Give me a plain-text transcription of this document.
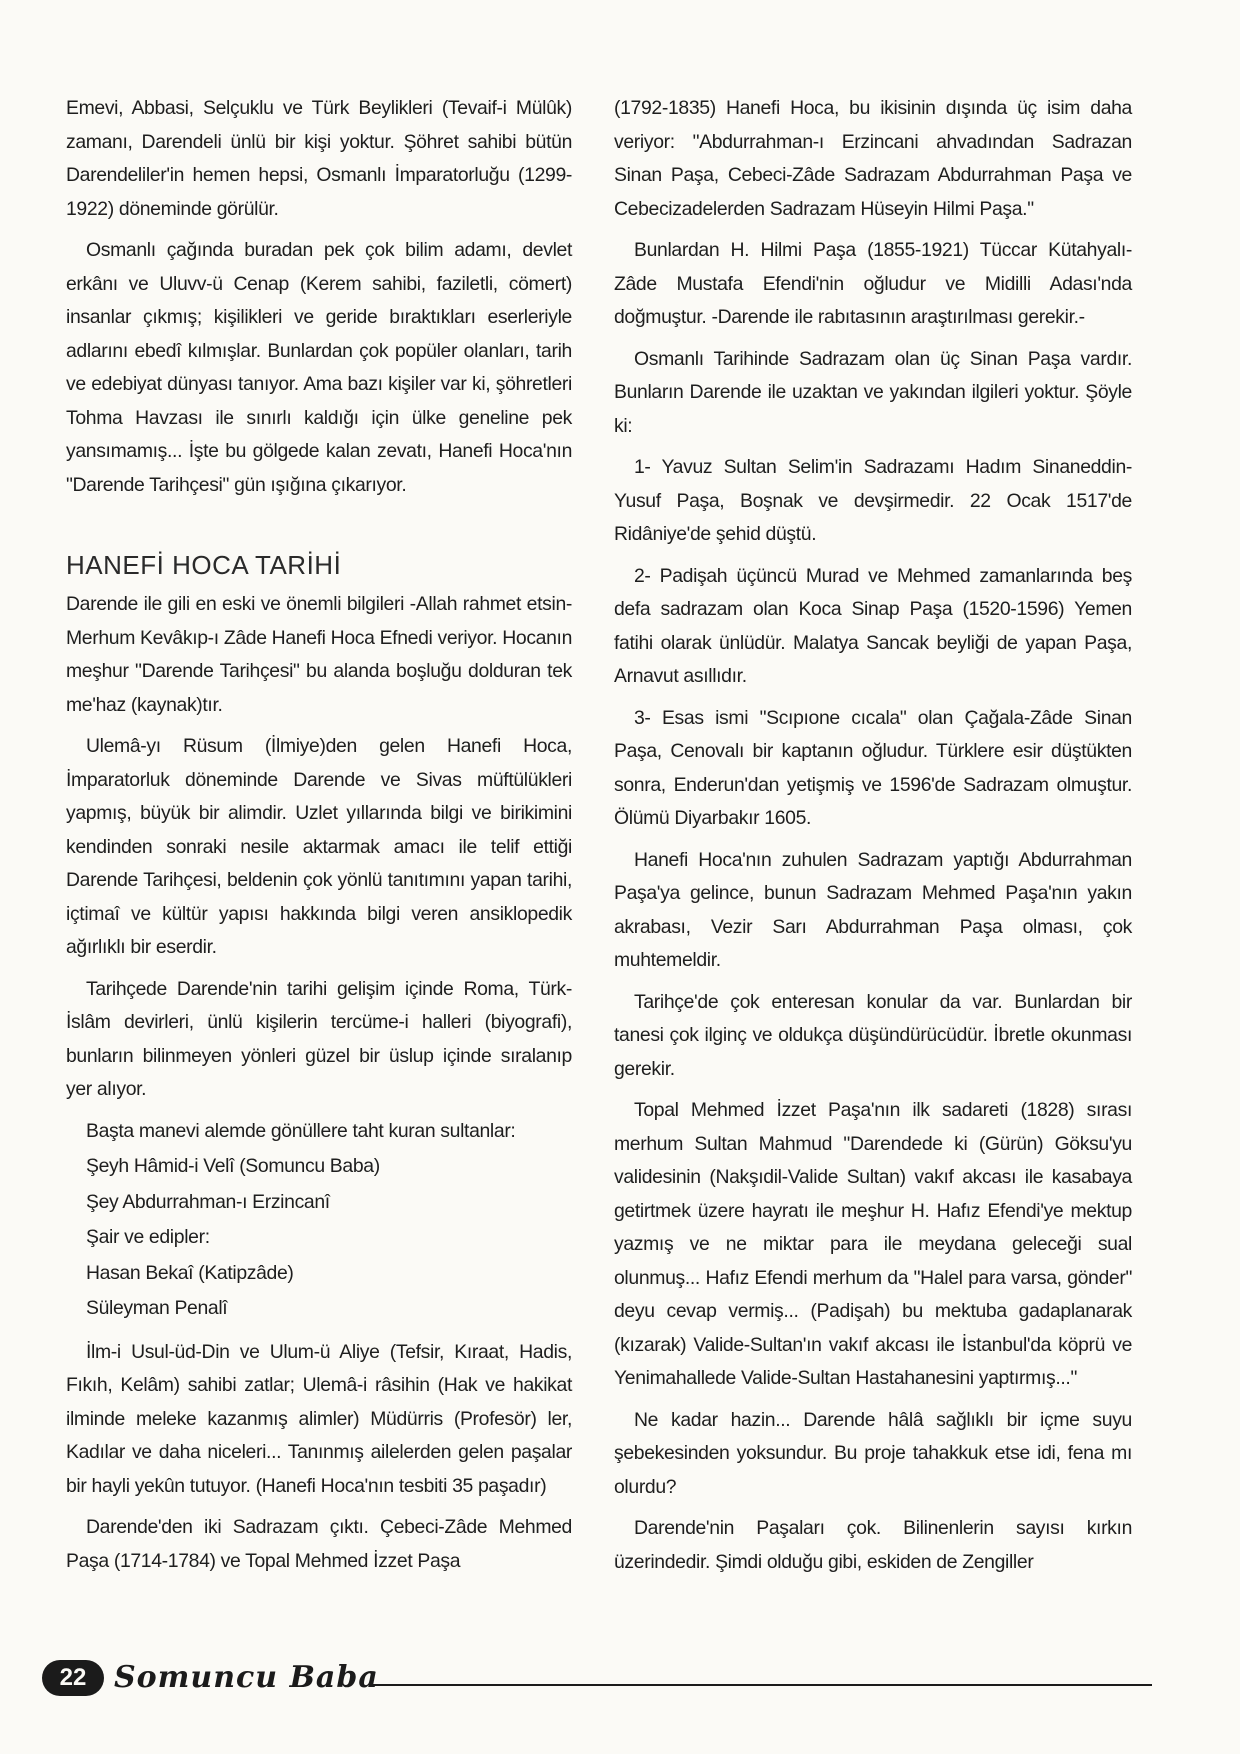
Emevi, Abbasi, Selçuklu ve Türk Beylikleri (Tevaif-i Mülûk) zamanı, Darendeli ünlü bir kişi yoktur. Şöhret sahibi bütün Darendeliler'in hemen hepsi, Osmanlı İmparatorluğu (1299-1922) döneminde görülür.

Osmanlı çağında buradan pek çok bilim adamı, devlet erkânı ve Uluvv-ü Cenap (Kerem sahibi, faziletli, cömert) insanlar çıkmış; kişilikleri ve geride bıraktıkları eserleriyle adlarını ebedî kılmışlar. Bunlardan çok popüler olanları, tarih ve edebiyat dünyası tanıyor. Ama bazı kişiler var ki, şöhretleri Tohma Havzası ile sınırlı kaldığı için ülke geneline pek yansımamış... İşte bu gölgede kalan zevatı, Hanefi Hoca'nın "Darende Tarihçesi" gün ışığına çıkarıyor.

HANEFİ HOCA TARİHİ

Darende ile gili en eski ve önemli bilgileri -Allah rahmet etsin- Merhum Kevâkıp-ı Zâde Hanefi Hoca Efnedi veriyor. Hocanın meşhur "Darende Tarihçesi" bu alanda boşluğu dolduran tek me'haz (kaynak)tır.

Ulemâ-yı Rüsum (İlmiye)den gelen Hanefi Hoca, İmparatorluk döneminde Darende ve Sivas müftülükleri yapmış, büyük bir alimdir. Uzlet yıllarında bilgi ve birikimini kendinden sonraki nesile aktarmak amacı ile telif ettiği Darende Tarihçesi, beldenin çok yönlü tanıtımını yapan tarihi, içtimaî ve kültür yapısı hakkında bilgi veren ansiklopedik ağırlıklı bir eserdir.

Tarihçede Darende'nin tarihi gelişim içinde Roma, Türk-İslâm devirleri, ünlü kişilerin tercüme-i halleri (biyografi), bunların bilinmeyen yönleri güzel bir üslup içinde sıralanıp yer alıyor.

Başta manevi alemde gönüllere taht kuran sultanlar:

Şeyh Hâmid-i Velî (Somuncu Baba)

Şey Abdurrahman-ı Erzincanî

Şair ve edipler:

Hasan Bekaî (Katipzâde)

Süleyman Penalî

İlm-i Usul-üd-Din ve Ulum-ü Aliye (Tefsir, Kıraat, Hadis, Fıkıh, Kelâm) sahibi zatlar; Ulemâ-i râsihin (Hak ve hakikat ilminde meleke kazanmış alimler) Müdürris (Profesör) ler, Kadılar ve daha niceleri... Tanınmış ailelerden gelen paşalar bir hayli yekûn tutuyor. (Hanefi Hoca'nın tesbiti 35 paşadır)

Darende'den iki Sadrazam çıktı. Çebeci-Zâde Mehmed Paşa (1714-1784) ve Topal Mehmed İzzet Paşa

(1792-1835) Hanefi Hoca, bu ikisinin dışında üç isim daha veriyor: "Abdurrahman-ı Erzincani ahvadından Sadrazan Sinan Paşa, Cebeci-Zâde Sadrazam Abdurrahman Paşa ve Cebecizadelerden Sadrazam Hüseyin Hilmi Paşa."

Bunlardan H. Hilmi Paşa (1855-1921) Tüccar Kütahyalı-Zâde Mustafa Efendi'nin oğludur ve Midilli Adası'nda doğmuştur. -Darende ile rabıtasının araştırılması gerekir.-

Osmanlı Tarihinde Sadrazam olan üç Sinan Paşa vardır. Bunların Darende ile uzaktan ve yakından ilgileri yoktur. Şöyle ki:

1- Yavuz Sultan Selim'in Sadrazamı Hadım Sinaneddin-Yusuf Paşa, Boşnak ve devşirmedir. 22 Ocak 1517'de Ridâniye'de şehid düştü.

2- Padişah üçüncü Murad ve Mehmed zamanlarında beş defa sadrazam olan Koca Sinap Paşa (1520-1596) Yemen fatihi olarak ünlüdür. Malatya Sancak beyliği de yapan Paşa, Arnavut asıllıdır.

3- Esas ismi "Scıpıone cıcala" olan Çağala-Zâde Sinan Paşa, Cenovalı bir kaptanın oğludur. Türklere esir düştükten sonra, Enderun'dan yetişmiş ve 1596'de Sadrazam olmuştur. Ölümü Diyarbakır 1605.

Hanefi Hoca'nın zuhulen Sadrazam yaptığı Abdurrahman Paşa'ya gelince, bunun Sadrazam Mehmed Paşa'nın yakın akrabası, Vezir Sarı Abdurrahman Paşa olması, çok muhtemeldir.

Tarihçe'de çok enteresan konular da var. Bunlardan bir tanesi çok ilginç ve oldukça düşündürücüdür. İbretle okunması gerekir.

Topal Mehmed İzzet Paşa'nın ilk sadareti (1828) sırası merhum Sultan Mahmud "Darendede ki (Gürün) Göksu'yu validesinin (Nakşıdil-Valide Sultan) vakıf akcası ile kasabaya getirtmek üzere hayratı ile meşhur H. Hafız Efendi'ye mektup yazmış ve ne miktar para ile meydana geleceği sual olunmuş... Hafız Efendi merhum da "Halel para varsa, gönder" deyu cevap vermiş... (Padişah) bu mektuba gadaplanarak (kızarak) Valide-Sultan'ın vakıf akcası ile İstanbul'da köprü ve Yenimahallede Valide-Sultan Hastahanesini yaptırmış..."

Ne kadar hazin... Darende hâlâ sağlıklı bir içme suyu şebekesinden yoksundur. Bu proje tahakkuk etse idi, fena mı olurdu?

Darende'nin Paşaları çok. Bilinenlerin sayısı kırkın üzerindedir. Şimdi olduğu gibi, eskiden de Zengiller

22 Somuncu Baba
